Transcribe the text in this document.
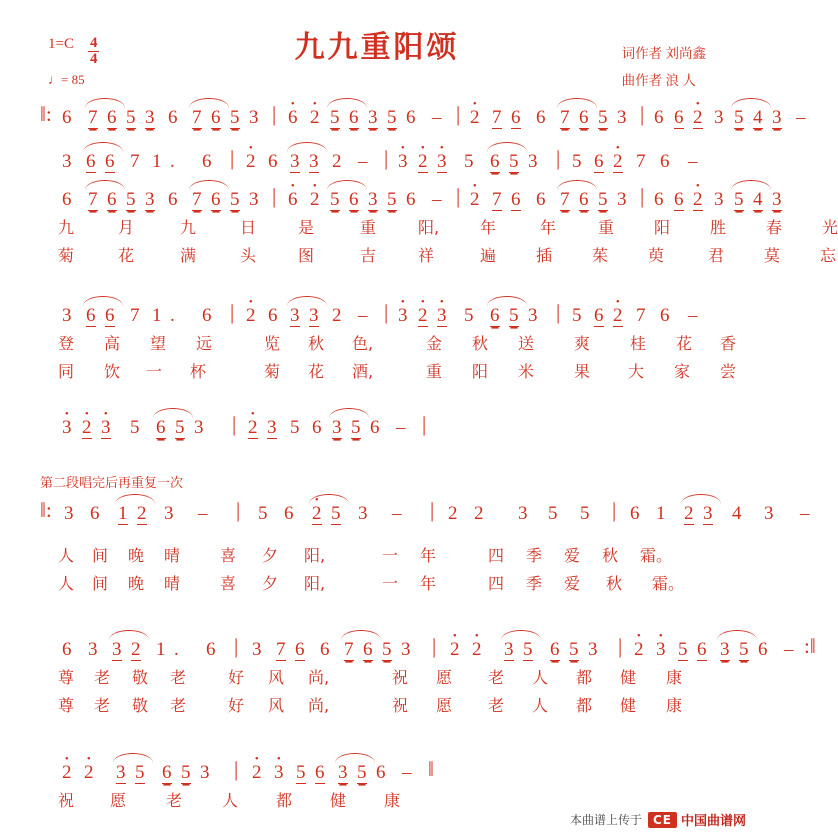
九九重阳颂
$1=C \frac{4}{4}$
♩= 85
词作者 刘尚鑫
曲作者 浪 人
‖: 6 7 6 5 3 6 7 6 5 3 | 6 • 2 • 5 6 3 5 6 – | 2 • 7 6 6 7 6 5 3 | 6 6 2 • 3 5 4 3 –
3 6 6 7 1 . 6 | 2 • 6 3 3 2 – | 3 • 2 • 3 • 5 6 5 3 | 5 6 2 • 7 6 –
6 7 6 5 3 6 7 6 5 3 | 6 • 2 • 5 6 3 5 6 – | 2 • 7 6 6 7 6 5 3 | 6 6 2 • 3 5 4 3
九	月	九	日	是	重	阳,	年	年	重 阳 胜 春 光
菊	花	满	头	图	吉	祥	遍 插 茱 萸	君 莫 忘
3 6 6 7 1 . 6 | 2 • 6 3 3 2 – | 3 • 2 • 3 • 5 6 5 3 | 5 6 2 • 7 6 –
登 高 望 远	览 秋 色,	金 秋 送 爽 桂 花 香
同 饮 一 杯	菊 花 酒,	重 阳 米 果 大 家 尝
3 • 2 • 3 • 5 6 5 3 | 2 • 3 5 6 3 5 6 – |
第二段唱完后再重复一次
‖: 3 6 1 2 3 – | 5 6 2 • 5 3 – | 2 2 3 5 5 | 6 1 2 3 4 3 –
人 间 晚 晴 喜 夕 阳,	一 年	四 季 爱 秋 霜。
人 间 晚 晴 喜 夕 阳,	一 年	四 季 爱 秋 霜。
6 3 3 2 1 . 6 | 3 7 6 6 7 6 5 3 | 2 • 2 • 3 5 6 5 3 | 2 • 3 • 5 6 3 5 6 – :‖
尊 老 敬 老	好 风 尚,	祝 愿 老 人 都 健 康
尊 老 敬 老	好 风 尚,	祝 愿 老 人 都 健 康
2 • 2 • 3 5 6 5 3 | 2 • 3 • 5 6 3 5 6 – ‖
祝 愿 老 人 都 健 康
本曲谱上传于 CE 中国曲谱网
